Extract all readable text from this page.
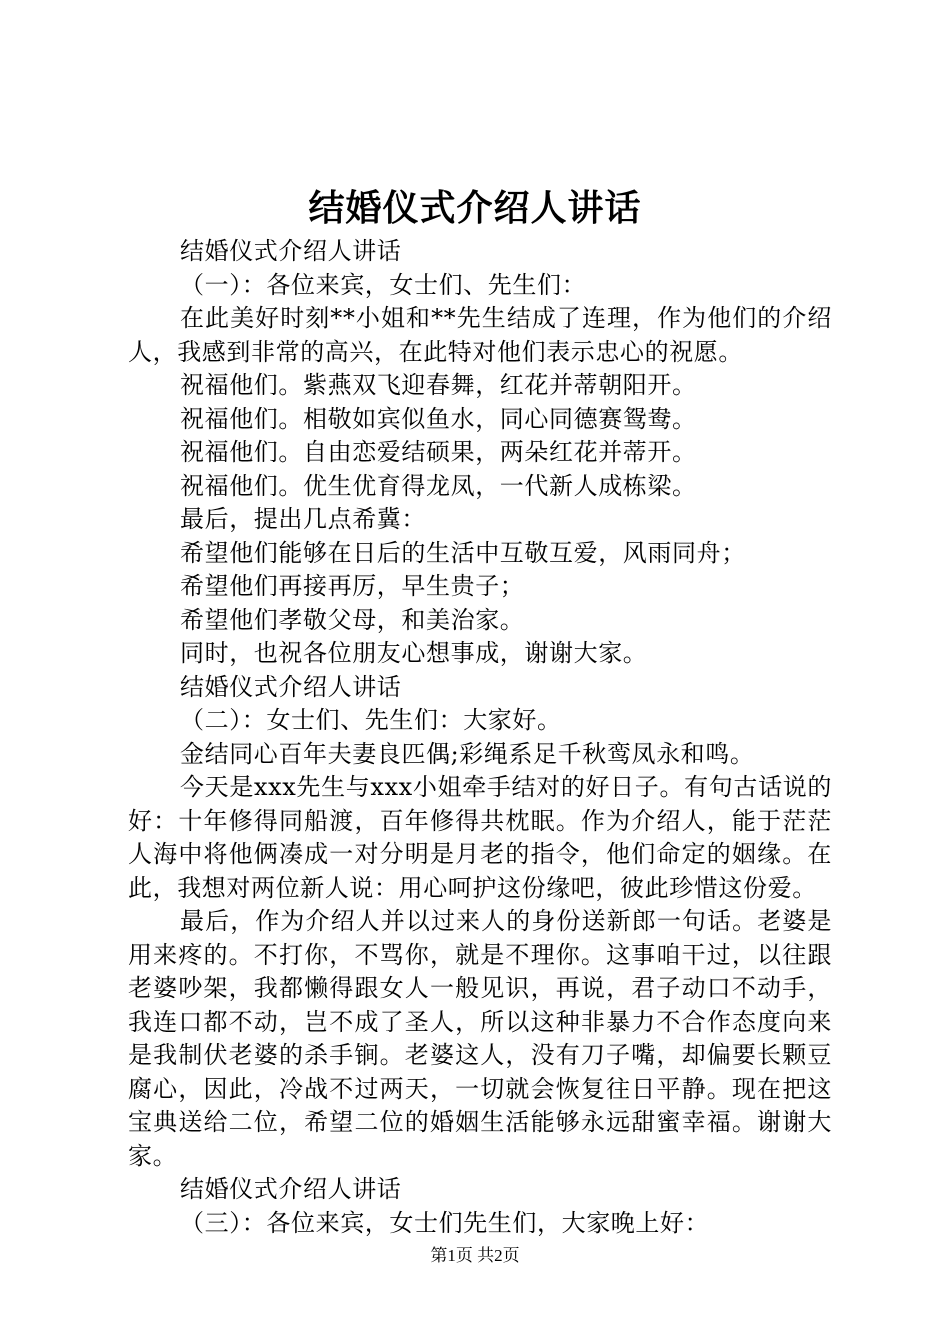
结婚仪式介绍人讲话

结婚仪式介绍人讲话

（一）：各位来宾，女士们、先生们：

在此美好时刻**小姐和**先生结成了连理，作为他们的介绍人，我感到非常的高兴，在此特对他们表示忠心的祝愿。

祝福他们。紫燕双飞迎春舞，红花并蒂朝阳开。

祝福他们。相敬如宾似鱼水，同心同德赛鸳鸯。

祝福他们。自由恋爱结硕果，两朵红花并蒂开。

祝福他们。优生优育得龙凤，一代新人成栋梁。

最后，提出几点希冀：

希望他们能够在日后的生活中互敬互爱，风雨同舟；

希望他们再接再厉，早生贵子；

希望他们孝敬父母，和美治家。

同时，也祝各位朋友心想事成，谢谢大家。

结婚仪式介绍人讲话

（二）：女士们、先生们：大家好。

金结同心百年夫妻良匹偶;彩绳系足千秋鸾凤永和鸣。

今天是xxx先生与xxx小姐牵手结对的好日子。有句古话说的好：十年修得同船渡，百年修得共枕眠。作为介绍人，能于茫茫人海中将他俩凑成一对分明是月老的指令，他们命定的姻缘。在此，我想对两位新人说：用心呵护这份缘吧，彼此珍惜这份爱。

最后，作为介绍人并以过来人的身份送新郎一句话。老婆是用来疼的。不打你，不骂你，就是不理你。这事咱干过，以往跟老婆吵架，我都懒得跟女人一般见识，再说，君子动口不动手，我连口都不动，岂不成了圣人，所以这种非暴力不合作态度向来是我制伏老婆的杀手锏。老婆这人，没有刀子嘴，却偏要长颗豆腐心，因此，冷战不过两天，一切就会恢复往日平静。现在把这宝典送给二位，希望二位的婚姻生活能够永远甜蜜幸福。谢谢大家。

结婚仪式介绍人讲话

（三）：各位来宾，女士们先生们，大家晚上好：

第1页 共2页
